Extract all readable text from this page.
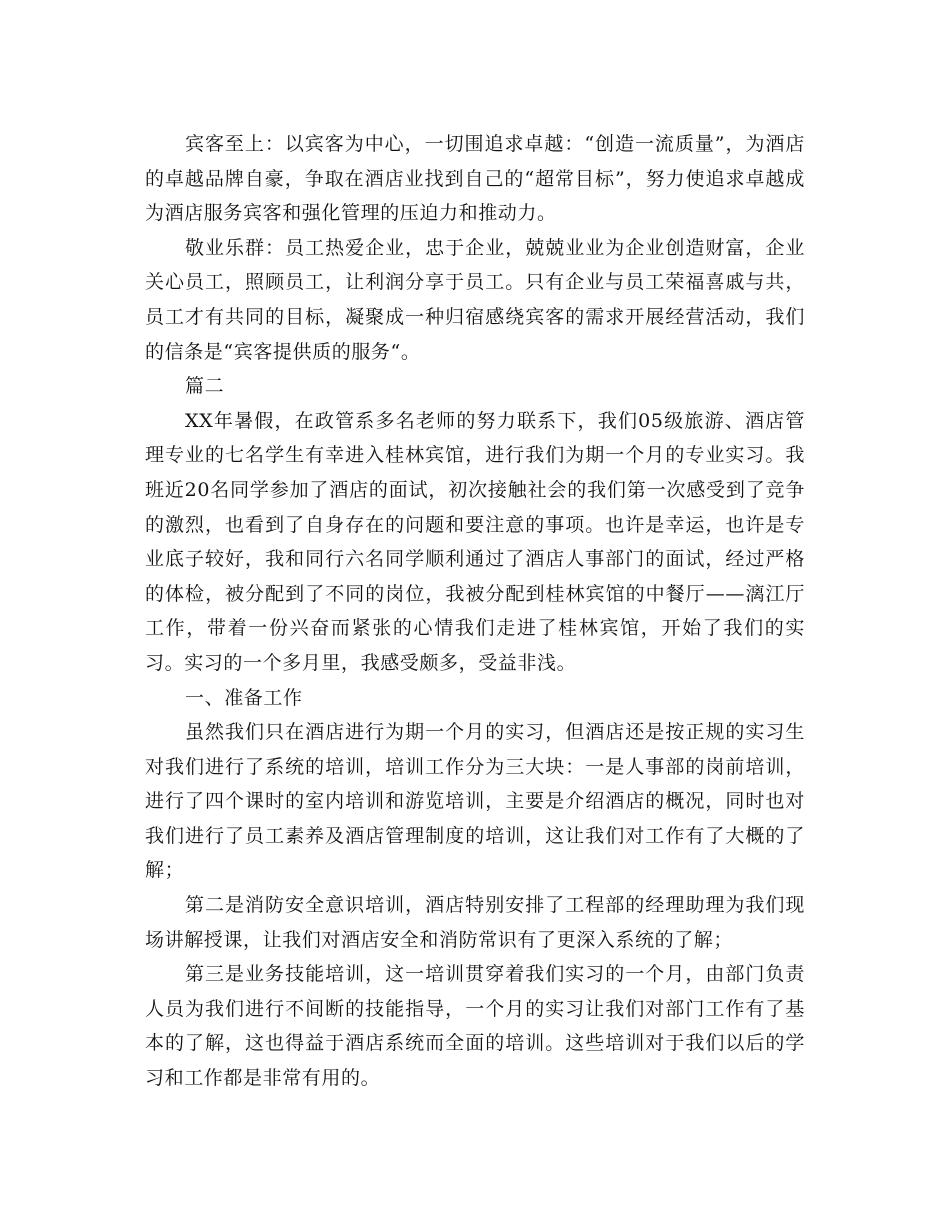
宾客至上：以宾客为中心，一切围追求卓越：“创造一流质量”，为酒店的卓越品牌自豪，争取在酒店业找到自己的“超常目标”，努力使追求卓越成为酒店服务宾客和强化管理的压迫力和推动力。

敬业乐群：员工热爱企业，忠于企业，兢兢业业为企业创造财富，企业关心员工，照顾员工，让利润分享于员工。只有企业与员工荣福喜戚与共，员工才有共同的目标，凝聚成一种归宿感绕宾客的需求开展经营活动，我们的信条是“宾客提供质的服务“。

篇二

XX年暑假，在政管系多名老师的努力联系下，我们05级旅游、酒店管理专业的七名学生有幸进入桂林宾馆，进行我们为期一个月的专业实习。我班近20名同学参加了酒店的面试，初次接触社会的我们第一次感受到了竞争的激烈，也看到了自身存在的问题和要注意的事项。也许是幸运，也许是专业底子较好，我和同行六名同学顺利通过了酒店人事部门的面试，经过严格的体检，被分配到了不同的岗位，我被分配到桂林宾馆的中餐厅——漓江厅工作，带着一份兴奋而紧张的心情我们走进了桂林宾馆，开始了我们的实习。实习的一个多月里，我感受颇多，受益非浅。

一、准备工作

虽然我们只在酒店进行为期一个月的实习，但酒店还是按正规的实习生对我们进行了系统的培训，培训工作分为三大块：一是人事部的岗前培训，进行了四个课时的室内培训和游览培训，主要是介绍酒店的概况，同时也对我们进行了员工素养及酒店管理制度的培训，这让我们对工作有了大概的了解；

第二是消防安全意识培训，酒店特别安排了工程部的经理助理为我们现场讲解授课，让我们对酒店安全和消防常识有了更深入系统的了解；

第三是业务技能培训，这一培训贯穿着我们实习的一个月，由部门负责人员为我们进行不间断的技能指导，一个月的实习让我们对部门工作有了基本的了解，这也得益于酒店系统而全面的培训。这些培训对于我们以后的学习和工作都是非常有用的。
